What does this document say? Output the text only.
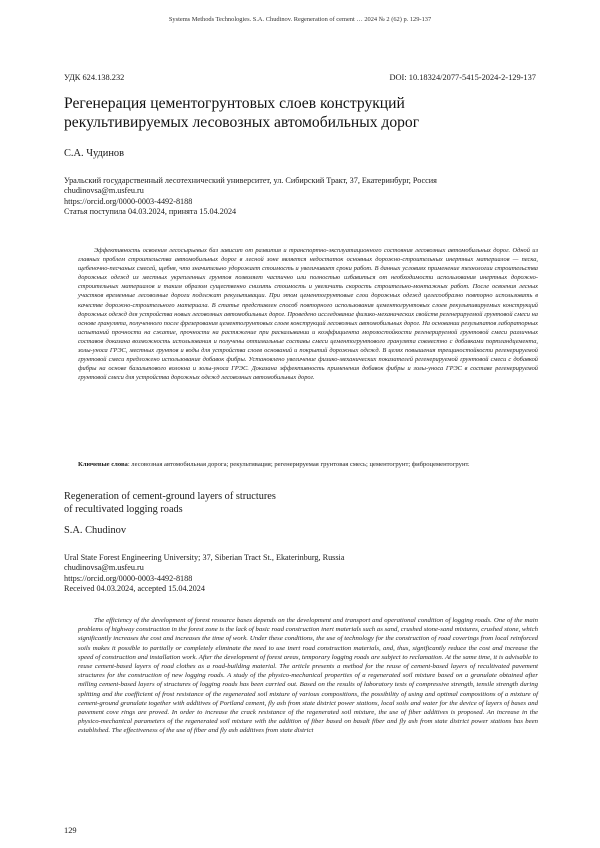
Systems Methods Technologies. S.A. Chudinov. Regeneration of cement … 2024 № 2 (62) p. 129-137
УДК 624.138.232	DOI: 10.18324/2077-5415-2024-2-129-137
Регенерация цементогрунтовых слоев конструкций
рекультивируемых лесовозных автомобильных дорог
С.А. Чудинов
Уральский государственный лесотехнический университет, ул. Сибирский Тракт, 37, Екатеринбург, Россия
chudinovsa@m.usfeu.ru
https://orcid.org/0000-0003-4492-8188
Статья поступила 04.03.2024, принята 15.04.2024

Эффективность освоения лесосырьевых баз зависит от развития и транспортно-эксплуатационного состояния лесовозных автомобильных дорог. Одной из главных проблем строительства автомобильных дорог в лесной зоне является недостаток основных дорожно-строительных инертных материалов — песка, щебеночно-песчаных смесей, щебня, что значительно удорожает стоимость и увеличивает сроки работ. В данных условиях применение технологии строительства дорожных одежд из местных укрепленных грунтов позволяет частично или полностью избавиться от необходимости использования инертных дорожно-строительных материалов и таким образом существенно снизить стоимость и увеличить скорость строительно-монтажных работ. После освоения лесных участков временные лесовозные дороги подлежат рекультивации. При этом цементогрунтовые слои дорожных одежд целесообразно повторно использовать в качестве дорожно-строительного материала. В статье представлен способ повторного использования цементогрунтовых слоев рекультивируемых конструкций дорожных одежд для устройства новых лесовозных автомобильных дорог. Проведено исследование физико-механических свойств регенерируемой грунтовой смеси на основе гранулята, полученного после фрезерования цементогрунтовых слоев конструкций лесовозных автомобильных дорог. На основании результатов лабораторных испытаний прочности на сжатие, прочности на растяжение при раскалывании и коэффициента морозостойкости регенерируемой грунтовой смеси различных составов доказана возможность использования и получены оптимальные составы смеси цементогрунтового гранулята совместно с добавками портландцемента, золы-уноса ГРЭС, местных грунтов и воды для устройства слоев оснований и покрытий дорожных одежд. В целях повышения трещиностойкости регенерируемой грунтовой смеси предложено использование добавок фибры. Установлено увеличение физико-механических показателей регенерируемой грунтовой смеси с добавкой фибры на основе базальтового волокна и золы-уноса ГРЭС. Доказана эффективность применения добавок фибры и золы-уноса ГРЭС в составе регенерируемой грунтовой смеси для устройства дорожных одежд лесовозных автомобильных дорог.

Ключевые слова: лесовозная автомобильная дорога; рекультивация; регенерируемая грунтовая смесь; цементогрунт; фиброцементогрунт.
Regeneration of cement-ground layers of structures
of recultivated logging roads
S.A. Chudinov
Ural State Forest Engineering University; 37, Siberian Tract St., Ekaterinburg, Russia
chudinovsa@m.usfeu.ru
https://orcid.org/0000-0003-4492-8188
Received 04.03.2024, accepted 15.04.2024

The efficiency of the development of forest resource bases depends on the development and transport and operational condition of logging roads. One of the main problems of highway construction in the forest zone is the lack of basic road construction inert materials such as sand, crushed stone-sand mixtures, crushed stone, which significantly increases the cost and increases the time of work. Under these conditions, the use of technology for the construction of road coverings from local reinforced soils makes it possible to partially or completely eliminate the need to use inert road construction materials, and, thus, significantly reduce the cost and increase the speed of construction and installation work. After the development of forest areas, temporary logging roads are subject to reclamation. At the same time, it is advisable to reuse cement-based layers of road clothes as a road-building material. The article presents a method for the reuse of cement-based layers of recultivated pavement structures for the construction of new logging roads. A study of the physico-mechanical properties of a regenerated soil mixture based on a granulate obtained after milling cement-based layers of structures of logging roads has been carried out. Based on the results of laboratory tests of compressive strength, tensile strength during splitting and the coefficient of frost resistance of the regenerated soil mixture of various compositions, the possibility of using and optimal compositions of a mixture of cement-ground granulate together with additives of Portland cement, fly ash from state district power stations, local soils and water for the device of layers of bases and pavement cove rings are proved. In order to increase the crack resistance of the regenerated soil mixture, the use of fiber additives is proposed. An increase in the physico-mechanical parameters of the regenerated soil mixture with the addition of fiber based on basalt fiber and fly ash from state district power stations has been established. The effectiveness of the use of fiber and fly ash additives from state district

129
